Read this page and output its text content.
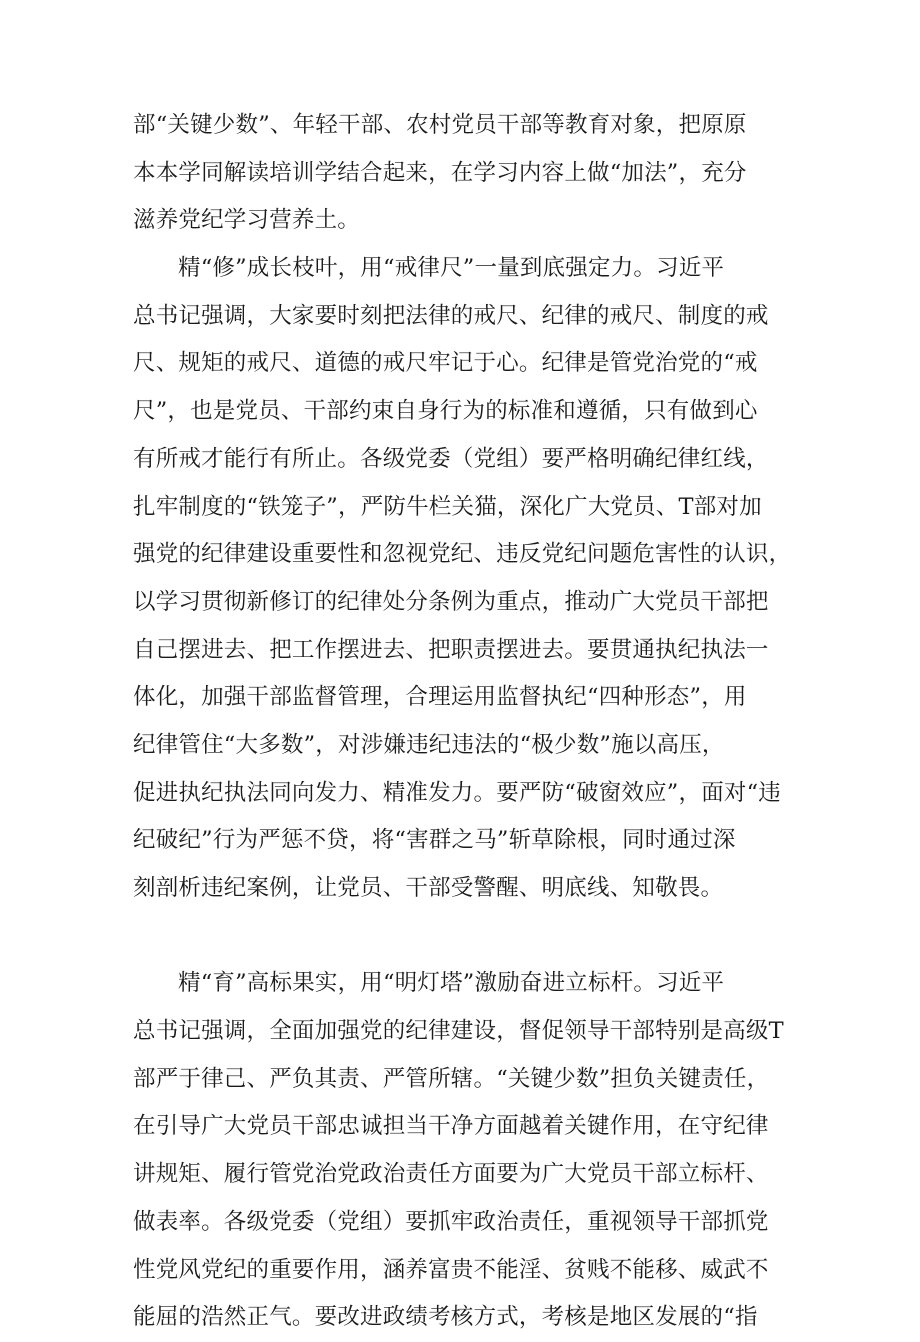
部“关键少数”、年轻干部、农村党员干部等教育对象，把原原
本本学同解读培训学结合起来，在学习内容上做“加法”，充分
滋养党纪学习营养土。
精“修”成长枝叶，用“戒律尺”一量到底强定力。习近平
总书记强调，大家要时刻把法律的戒尺、纪律的戒尺、制度的戒
尺、规矩的戒尺、道德的戒尺牢记于心。纪律是管党治党的“戒
尺”，也是党员、干部约束自身行为的标准和遵循，只有做到心
有所戒才能行有所止。各级党委（党组）要严格明确纪律红线，
扎牢制度的“铁笼子”，严防牛栏关猫，深化广大党员、T部对加
强党的纪律建设重要性和忽视党纪、违反党纪问题危害性的认识，
以学习贯彻新修订的纪律处分条例为重点，推动广大党员干部把
自己摆进去、把工作摆进去、把职责摆进去。要贯通执纪执法一
体化，加强干部监督管理，合理运用监督执纪“四种形态”，用
纪律管住“大多数”，对涉嫌违纪违法的“极少数”施以高压，
促进执纪执法同向发力、精准发力。要严防“破窗效应”，面对“违
纪破纪”行为严惩不贷，将“害群之马”斩草除根，同时通过深
刻剖析违纪案例，让党员、干部受警醒、明底线、知敬畏。
精“育”高标果实，用“明灯塔”激励奋进立标杆。习近平
总书记强调，全面加强党的纪律建设，督促领导干部特别是高级T
部严于律己、严负其责、严管所辖。“关键少数”担负关键责任，
在引导广大党员干部忠诚担当干净方面越着关键作用，在守纪律
讲规矩、履行管党治党政治责任方面要为广大党员干部立标杆、
做表率。各级党委（党组）要抓牢政治责任，重视领导干部抓党
性党风党纪的重要作用，涵养富贵不能淫、贫贱不能移、威武不
能屈的浩然正气。要改进政绩考核方式，考核是地区发展的“指
